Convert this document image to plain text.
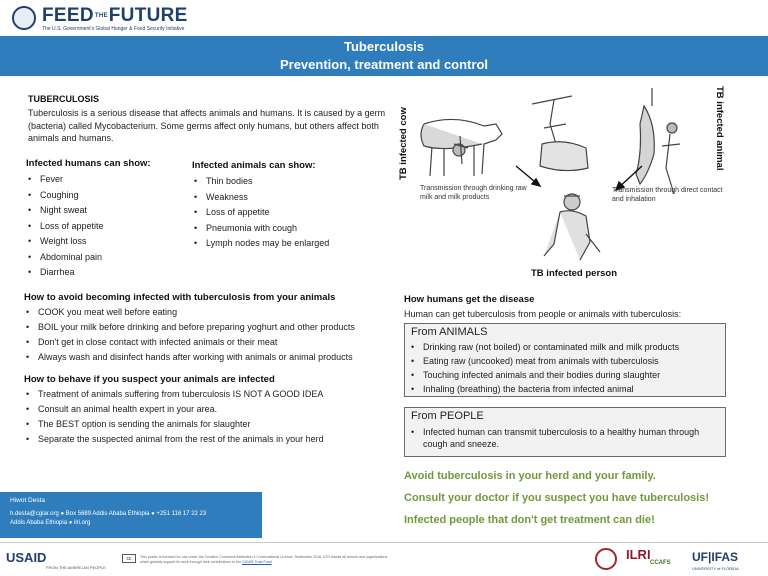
FEEDTHEFUTURE
The U.S. Government's Global Hunger & Food Security Initiative
Tuberculosis
Prevention, treatment and control
TUBERCULOSIS
Tuberculosis is a serious disease that affects animals and humans. It is caused by a germ (bacteria) called Mycobacterium. Some germs affect only humans, but others affect both animals and humans.
Infected humans can show:
• Fever
• Coughing
• Night sweat
• Loss of appetite
• Weight loss
• Abdominal pain
• Diarrhea
Infected animals can show:
• Thin bodies
• Weakness
• Loss of appetite
• Pneumonia with cough
• Lymph nodes may be enlarged
TB infected cow	TB infected animal
Transmission through drinking raw milk and milk products
Transmission through direct contact and inhalation
TB infected person
How to avoid becoming infected with tuberculosis from your animals
• COOK you meat well before eating
• BOIL your milk before drinking and before preparing yoghurt and other products
• Don't get in close contact with infected animals or their meat
• Always wash and disinfect hands after working with animals or animal products
How to behave if you suspect your animals are infected
• Treatment of animals suffering from tuberculosis IS NOT A GOOD IDEA
• Consult an animal health expert in your area.
• The BEST option is sending the animals for slaughter
• Separate the suspected animal from the rest of the animals in your herd
How humans get the disease
Human can get tuberculosis from people or animals with tuberculosis:
From ANIMALS
• Drinking raw (not boiled) or contaminated milk and milk products
• Eating raw (uncooked) meat from animals with tuberculosis
• Touching infected animals and their bodies during slaughter
• Inhaling (breathing) the bacteria from infected animal
From PEOPLE
• Infected human can transmit tuberculosis to a healthy human through cough and sneeze.
Avoid tuberculosis in your herd and your family.
Consult your doctor if you suspect you have tuberculosis!
Infected people that don't get treatment can die!
Hiwot Desta
h.desta@cgiar.org ● Box 5689 Addis Ababa Ethiopia ● +251 116 17 22 23
Addis Ababa Ethiopia ● ilri.org
USAID
FROM THE AMERICAN PEOPLE
cc	This poster is licensed for use under the Creative Commons Attribution 4.0 International Licence. September 2016. ILRI thanks all donors and organizations which globally support its work through their contributions to the CGIAR Trust Fund	ILRI
CCAFS UF|IFAS
UNIVERSITY of FLORIDA
